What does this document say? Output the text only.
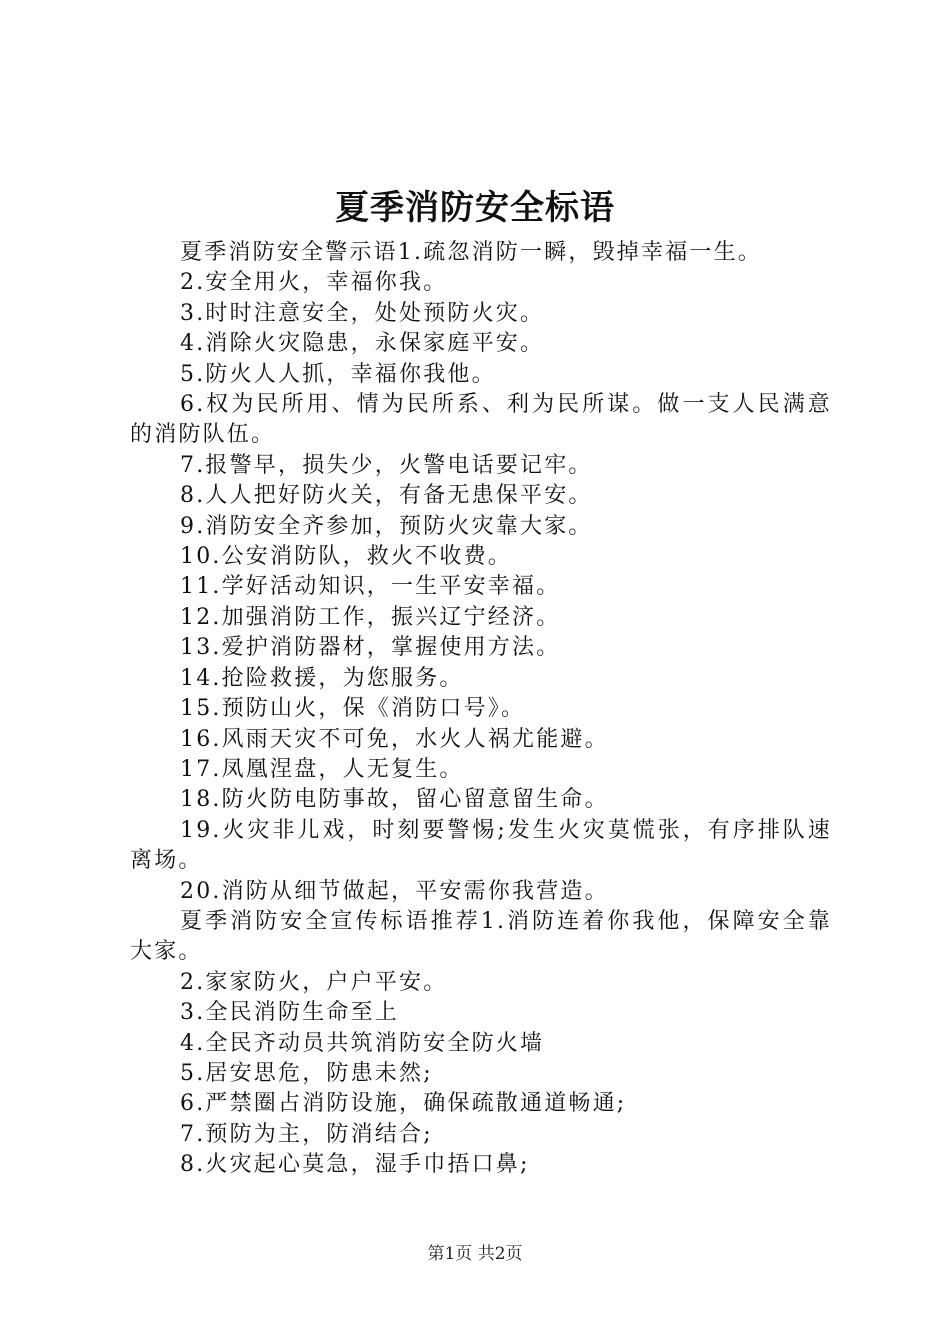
夏季消防安全标语

夏季消防安全警示语1.疏忽消防一瞬，毁掉幸福一生。

2.安全用火，幸福你我。

3.时时注意安全，处处预防火灾。

4.消除火灾隐患，永保家庭平安。

5.防火人人抓，幸福你我他。

6.权为民所用、情为民所系、利为民所谋。做一支人民满意的消防队伍。

7.报警早，损失少，火警电话要记牢。

8.人人把好防火关，有备无患保平安。

9.消防安全齐参加，预防火灾靠大家。

10.公安消防队，救火不收费。

11.学好活动知识，一生平安幸福。

12.加强消防工作，振兴辽宁经济。

13.爱护消防器材，掌握使用方法。

14.抢险救援，为您服务。

15.预防山火，保《消防口号》。

16.风雨天灾不可免，水火人祸尤能避。

17.凤凰涅盘，人无复生。

18.防火防电防事故，留心留意留生命。

19.火灾非儿戏，时刻要警惕;发生火灾莫慌张，有序排队速离场。

20.消防从细节做起，平安需你我营造。

夏季消防安全宣传标语推荐1.消防连着你我他，保障安全靠大家。

2.家家防火，户户平安。

3.全民消防生命至上

4.全民齐动员共筑消防安全防火墙

5.居安思危，防患未然;

6.严禁圈占消防设施，确保疏散通道畅通;

7.预防为主，防消结合;

8.火灾起心莫急，湿手巾捂口鼻;

第1页 共2页
